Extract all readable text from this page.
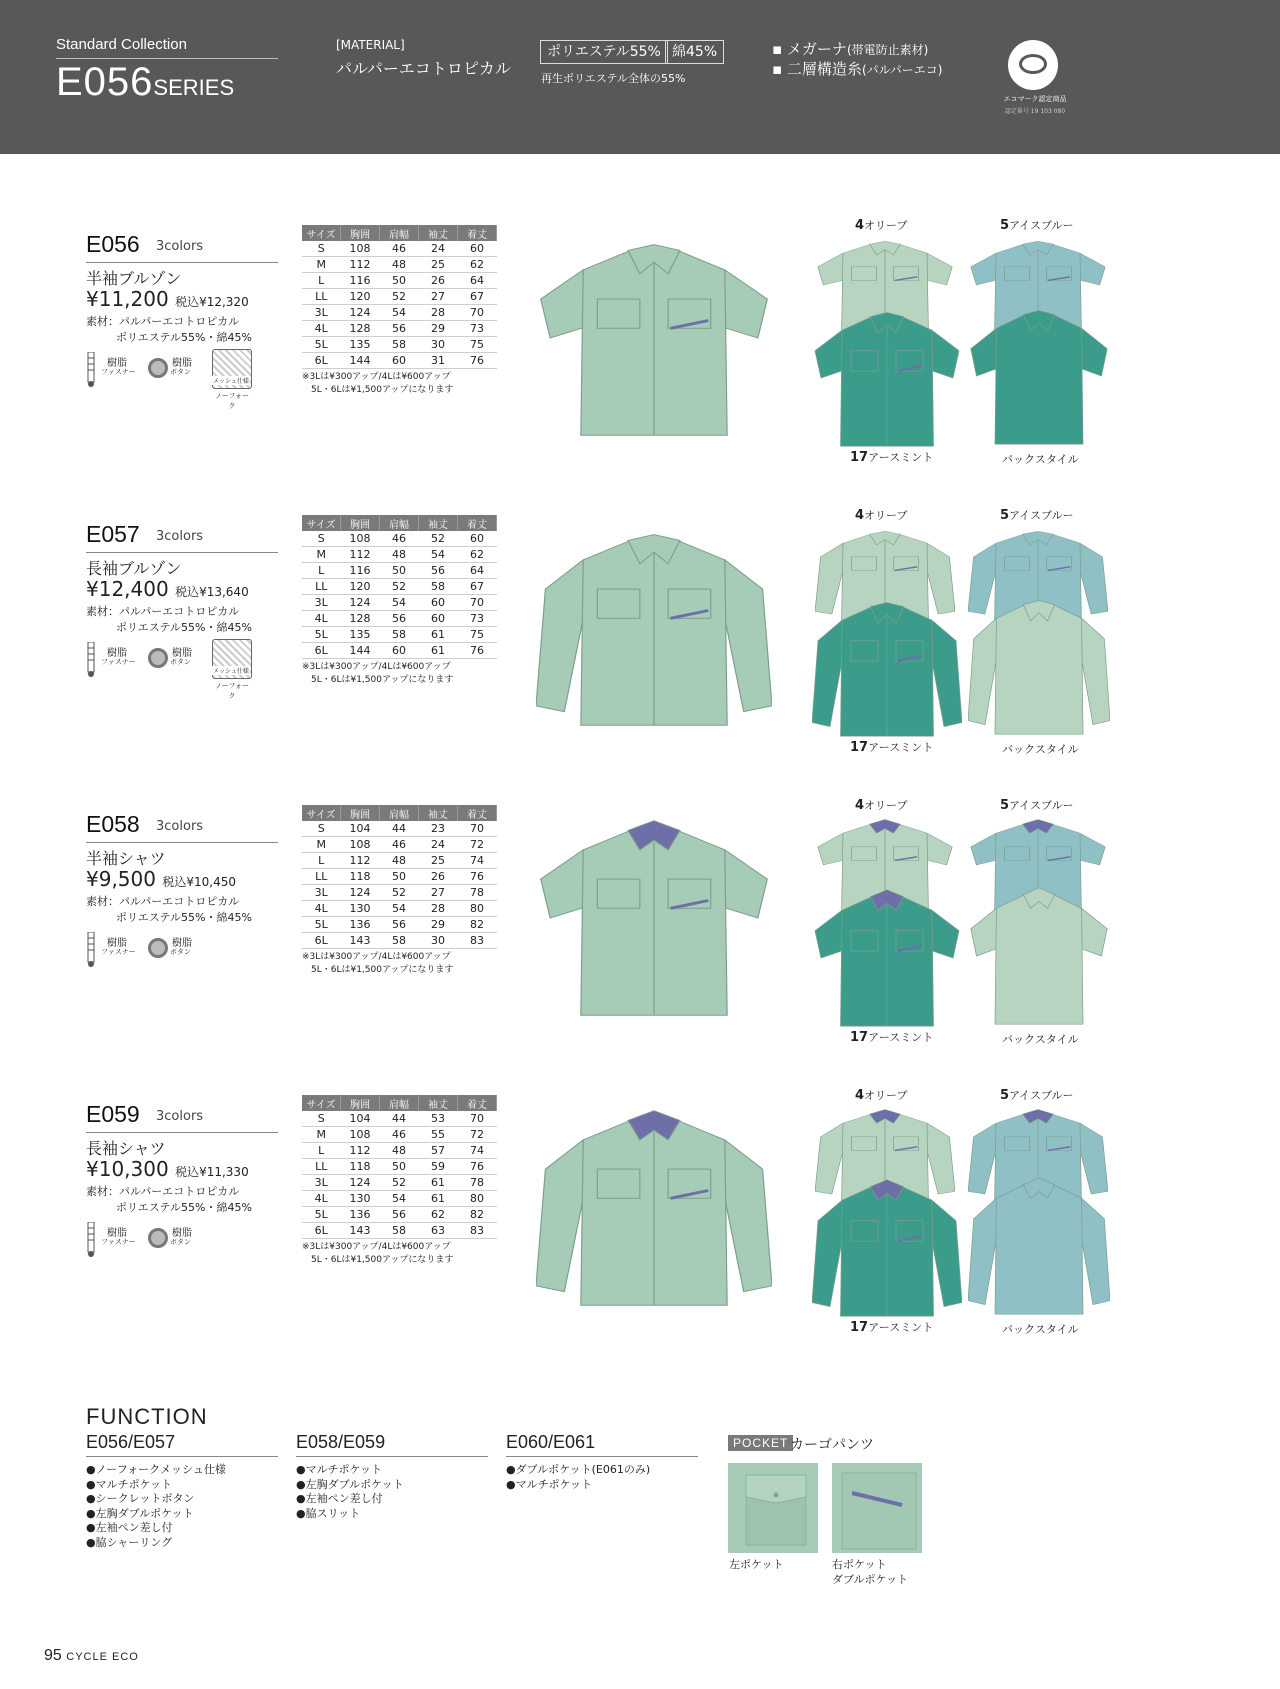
Standard Collection
E056SERIES
[MATERIAL]
パルパーエコトロピカル
ポリエステル55% 綿45%
再生ポリエステル全体の55%
▪ メガーナ(帯電防止素材)
▪ 二層構造糸(パルパーエコ)
エコマーク認定商品
認定番号 19 103 080
E056 3colors
半袖ブルゾン
¥11,200 税込¥12,320
素材：パルパーエコトロピカル
ポリエステル55%・綿45%
樹脂
ファスナー
樹脂
ボタン
メッシュ仕様
ノーフォーク
サイズ	胸囲	肩幅	袖丈	着丈
S	108	46	24	60
M	112	48	25	62
L	116	50	26	64
LL	120	52	27	67
3L	124	54	28	70
4L	128	56	29	73
5L	135	58	30	75
6L	144	60	31	76
※3Lは¥300アップ/4Lは¥600アップ
5L・6Lは¥1,500アップになります
4オリーブ	5アイスブルー
17アースミント	バックスタイル
E057 3colors
長袖ブルゾン
¥12,400 税込¥13,640
素材：パルパーエコトロピカル
ポリエステル55%・綿45%
樹脂
ファスナー
樹脂
ボタン
メッシュ仕様
ノーフォーク
サイズ	胸囲	肩幅	袖丈	着丈
S	108	46	52	60
M	112	48	54	62
L	116	50	56	64
LL	120	52	58	67
3L	124	54	60	70
4L	128	56	60	73
5L	135	58	61	75
6L	144	60	61	76
※3Lは¥300アップ/4Lは¥600アップ
5L・6Lは¥1,500アップになります
4オリーブ	5アイスブルー
17アースミント	バックスタイル
E058 3colors
半袖シャツ
¥9,500 税込¥10,450
素材：パルパーエコトロピカル
ポリエステル55%・綿45%
樹脂
ファスナー
樹脂
ボタン
サイズ	胸囲	肩幅	袖丈	着丈
S	104	44	23	70
M	108	46	24	72
L	112	48	25	74
LL	118	50	26	76
3L	124	52	27	78
4L	130	54	28	80
5L	136	56	29	82
6L	143	58	30	83
※3Lは¥300アップ/4Lは¥600アップ
5L・6Lは¥1,500アップになります
4オリーブ	5アイスブルー
17アースミント	バックスタイル
E059 3colors
長袖シャツ
¥10,300 税込¥11,330
素材：パルパーエコトロピカル
ポリエステル55%・綿45%
樹脂
ファスナー
樹脂
ボタン
サイズ	胸囲	肩幅	袖丈	着丈
S	104	44	53	70
M	108	46	55	72
L	112	48	57	74
LL	118	50	59	76
3L	124	52	61	78
4L	130	54	61	80
5L	136	56	62	82
6L	143	58	63	83
※3Lは¥300アップ/4Lは¥600アップ
5L・6Lは¥1,500アップになります
4オリーブ	5アイスブルー
17アースミント	バックスタイル
FUNCTION
E056/E057
●ノーフォークメッシュ仕様
●マルチポケット
●シークレットボタン
●左胸ダブルポケット
●左袖ペン差し付
●脇シャーリング
E058/E059
●マルチポケット
●左胸ダブルポケット
●左袖ペン差し付
●脇スリット
E060/E061
●ダブルポケット(E061のみ)
●マルチポケット
POCKET カーゴパンツ
左ポケット	右ポケット
ダブルポケット
95 CYCLE ECO
